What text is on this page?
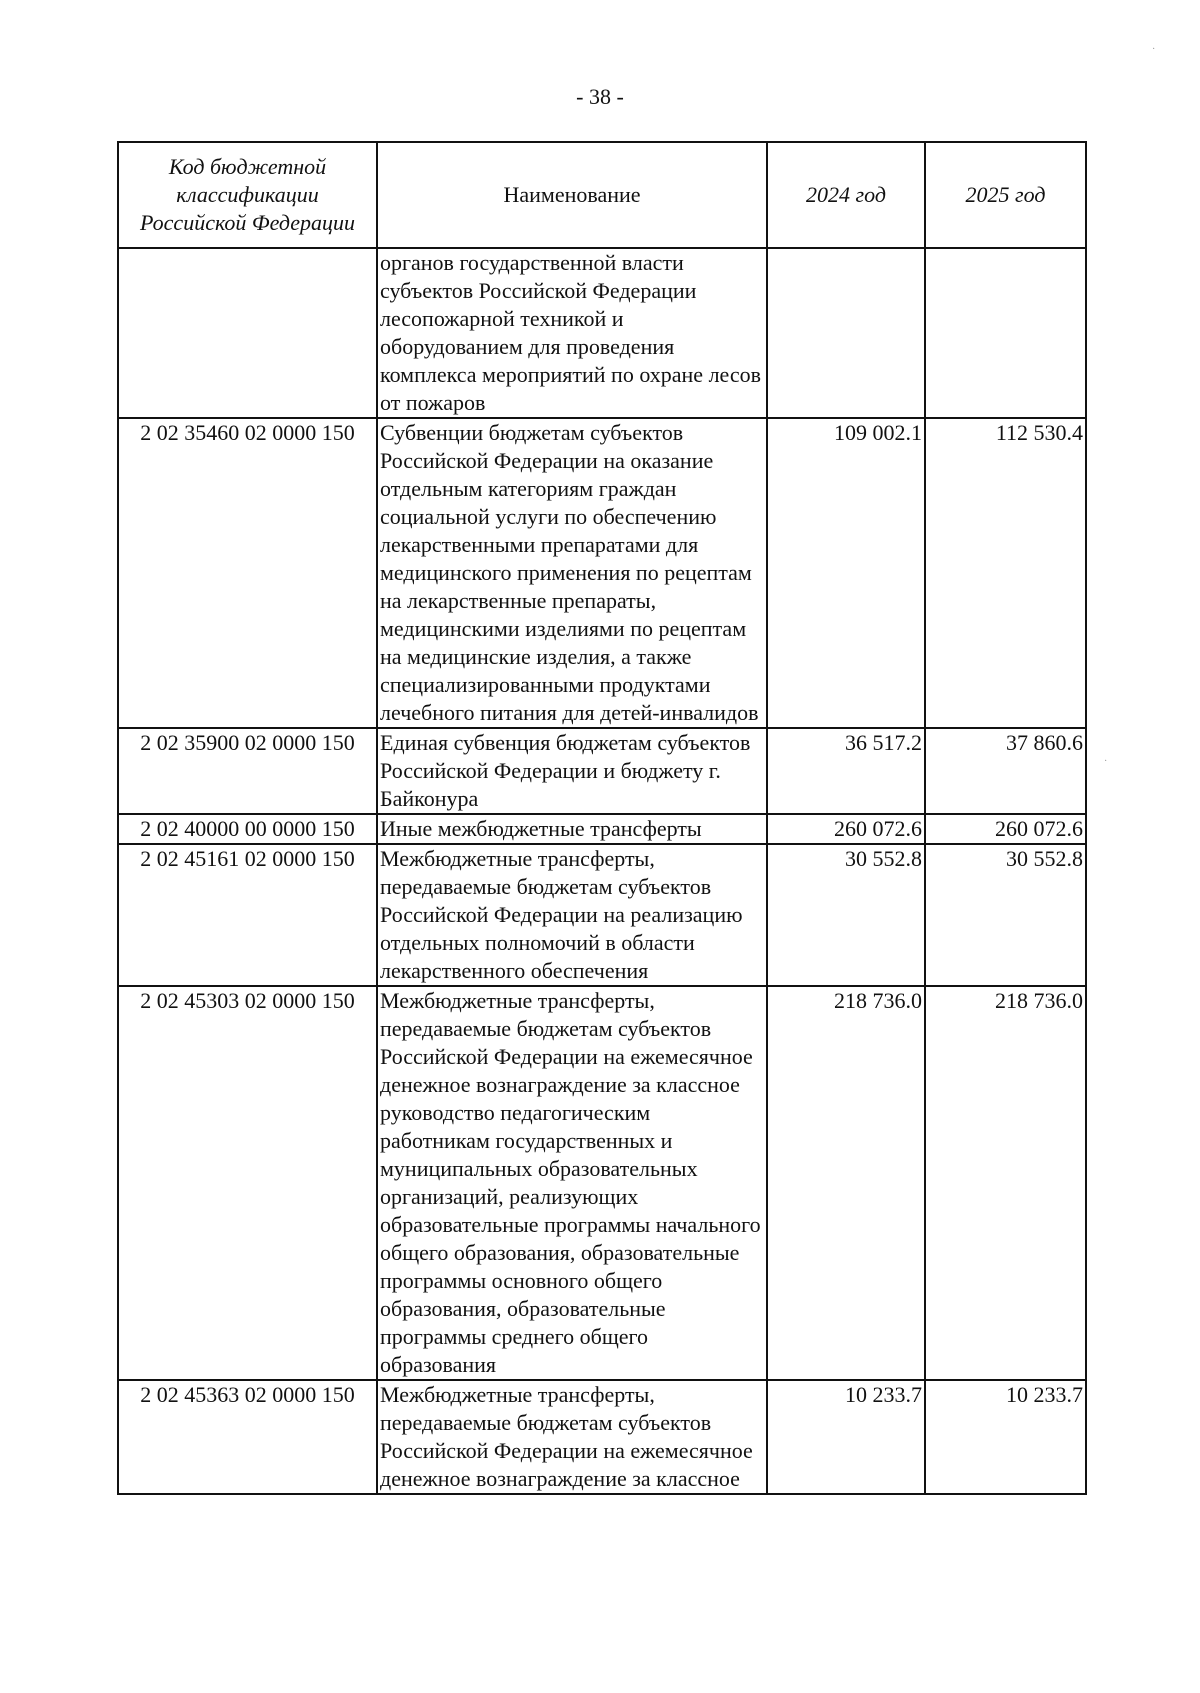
- 38 -
Код бюджетной классификации Российской Федерации	Наименование	2024 год	2025 год
	органов государственной власти субъектов Российской Федерации лесопожарной техникой и оборудованием для проведения комплекса мероприятий по охране лесов от пожаров		
2 02 35460 02 0000 150	Субвенции бюджетам субъектов Российской Федерации на оказание отдельным категориям граждан социальной услуги по обеспечению лекарственными препаратами для медицинского применения по рецептам на лекарственные препараты, медицинскими изделиями по рецептам на медицинские изделия, а также специализированными продуктами лечебного питания для детей-инвалидов	109 002.1	112 530.4
2 02 35900 02 0000 150	Единая субвенция бюджетам субъектов Российской Федерации и бюджету г. Байконура	36 517.2	37 860.6
2 02 40000 00 0000 150	Иные межбюджетные трансферты	260 072.6	260 072.6
2 02 45161 02 0000 150	Межбюджетные трансферты, передаваемые бюджетам субъектов Российской Федерации на реализацию отдельных полномочий в области лекарственного обеспечения	30 552.8	30 552.8
2 02 45303 02 0000 150	Межбюджетные трансферты, передаваемые бюджетам субъектов Российской Федерации на ежемесячное денежное вознаграждение за классное руководство педагогическим работникам государственных и муниципальных образовательных организаций, реализующих образовательные программы начального общего образования, образовательные программы основного общего образования, образовательные программы среднего общего образования	218 736.0	218 736.0
2 02 45363 02 0000 150	Межбюджетные трансферты, передаваемые бюджетам субъектов Российской Федерации на ежемесячное денежное вознаграждение за классное	10 233.7	10 233.7
·
·
